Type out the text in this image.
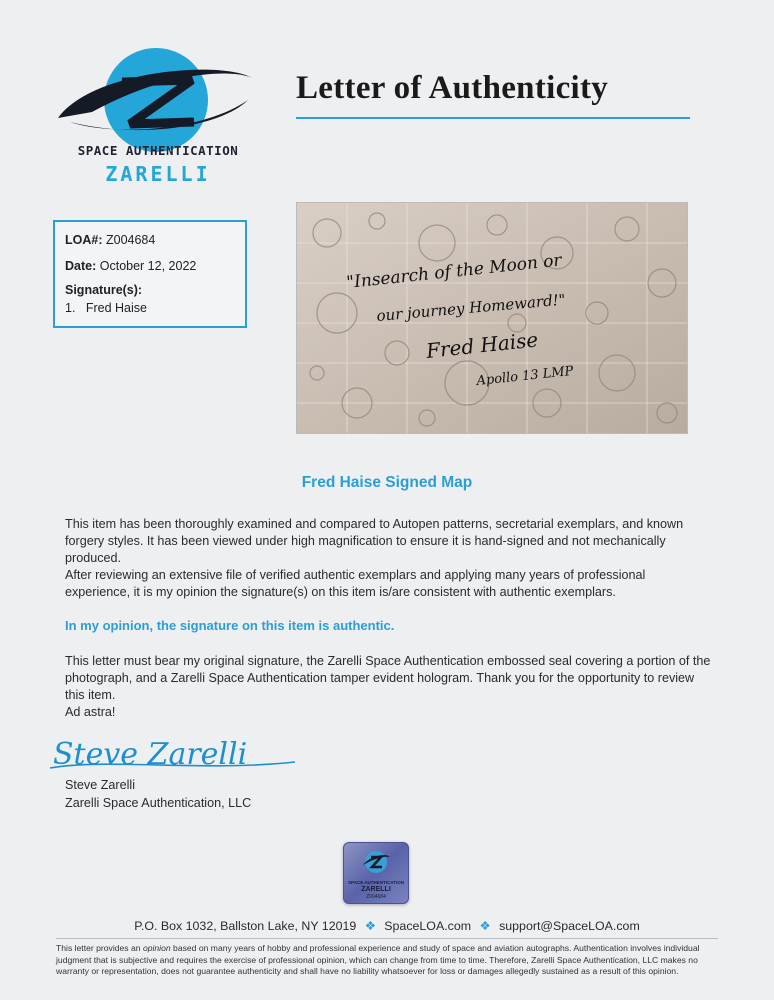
SPACE AUTHENTICATION
ZARELLI
Letter of Authenticity
LOA#: Z004684
Date: October 12, 2022
Signature(s):
1.   Fred Haise
"Insearch of the Moon or
our journey Homeward!"
Fred Haise
Apollo 13 LMP
Fred Haise Signed Map
This item has been thoroughly examined and compared to Autopen patterns, secretarial exemplars, and known forgery styles. It has been viewed under high magnification to ensure it is hand-signed and not mechanically produced.
After reviewing an extensive file of verified authentic exemplars and applying many years of professional experience, it is my opinion the signature(s) on this item is/are consistent with authentic exemplars.
In my opinion, the signature on this item is authentic.
This letter must bear my original signature, the Zarelli Space Authentication embossed seal covering a portion of the photograph, and a Zarelli Space Authentication tamper evident hologram. Thank you for the opportunity to review this item.
Ad astra!
Steve Zarelli
Steve Zarelli
Zarelli Space Authentication, LLC
SPACE AUTHENTICATION
ZARELLI
Z004684
P.O. Box 1032, Ballston Lake, NY 12019 ❖ SpaceLOA.com ❖ support@SpaceLOA.com
This letter provides an opinion based on many years of hobby and professional experience and study of space and aviation autographs. Authentication involves individual judgment that is subjective and requires the exercise of professional opinion, which can change from time to time. Therefore, Zarelli Space Authentication, LLC makes no warranty or representation, does not guarantee authenticity and shall have no liability whatsoever for loss or damages allegedly sustained as a result of this opinion.
